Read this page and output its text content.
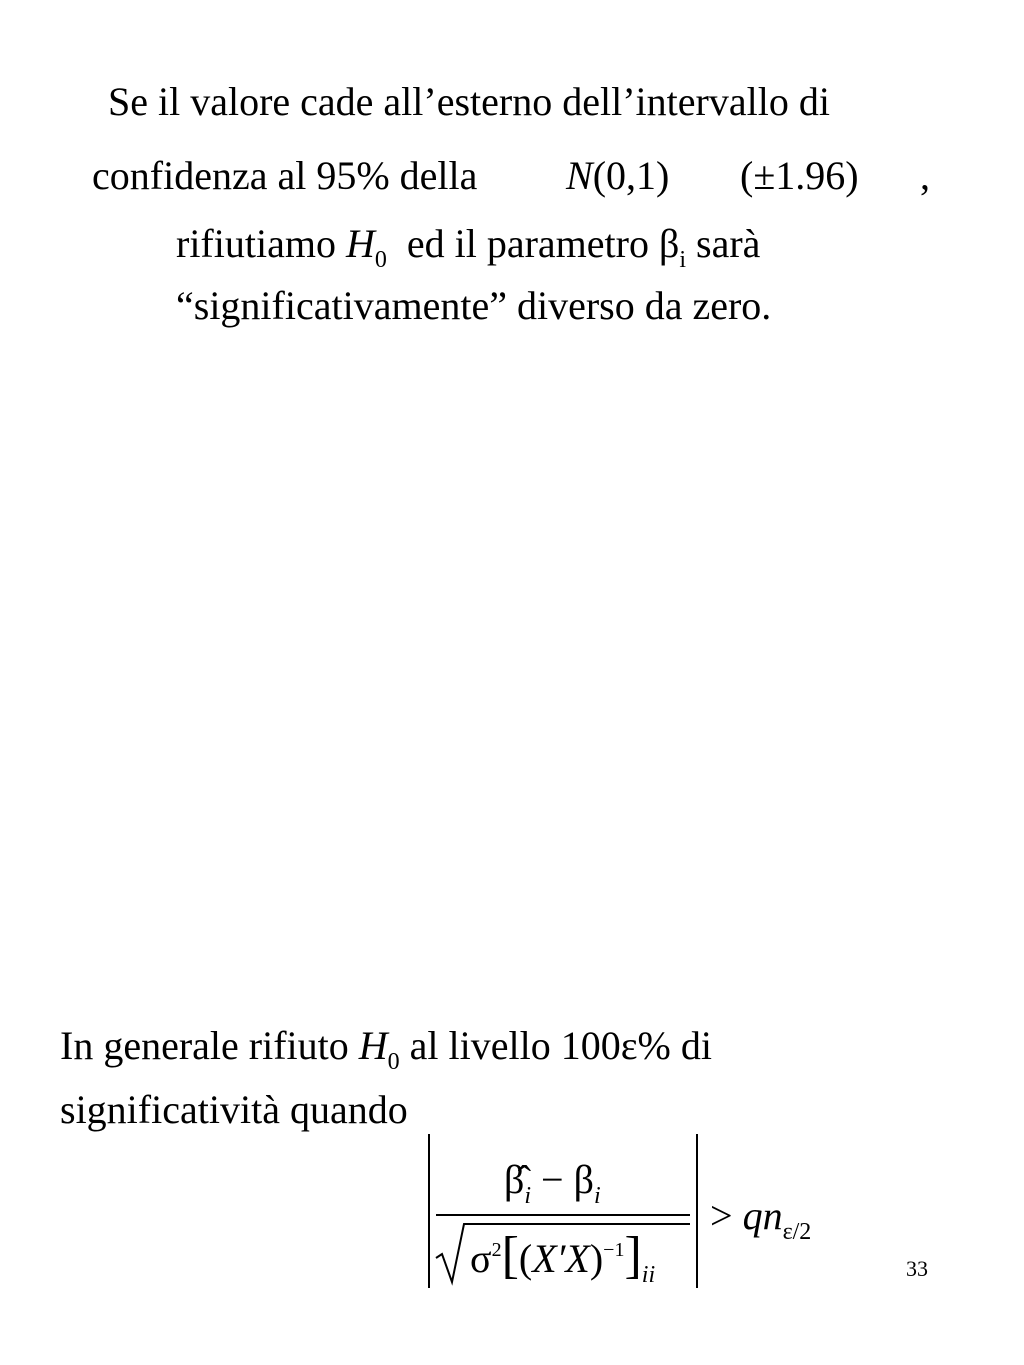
Se il valore cade all’esterno dell’intervallo di
confidenza al 95% della N(0,1) (±1.96) ,
rifiutiamo $H_0$ ed il parametro $\beta_i$ sarà
“significativamente” diverso da zero.
In generale rifiuto $H_0$ al livello 100ε% di
significatività quando
$\betâ_i - \beta_i$
$\sigma^2[(X'X)^{-1}]_{ii}$
> $qn_{\varepsilon/2}$
33
